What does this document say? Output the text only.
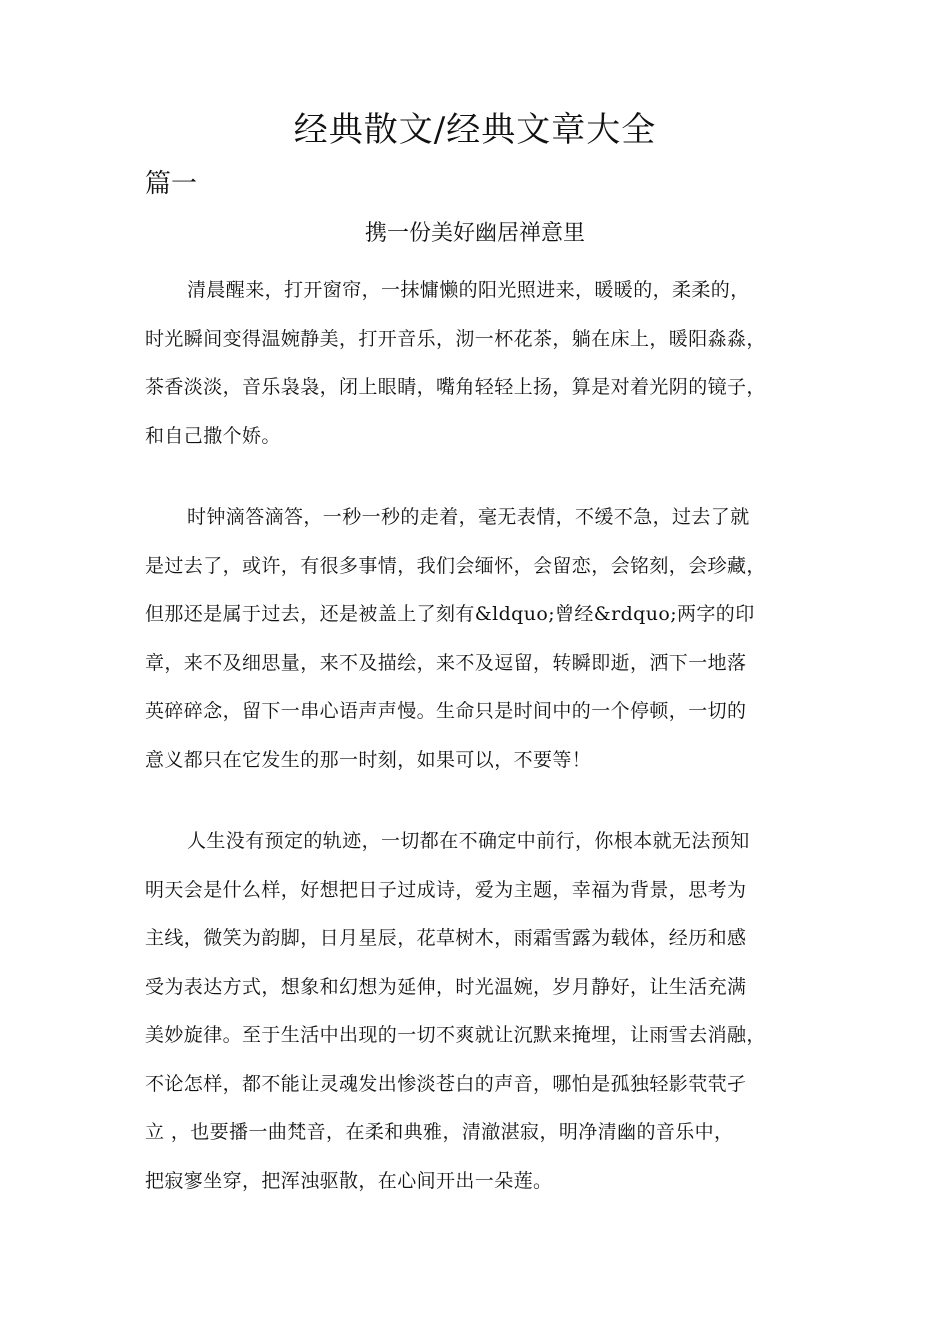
经典散文/经典文章大全
篇一
携一份美好幽居禅意里
清晨醒来，打开窗帘，一抹慵懒的阳光照进来，暖暖的，柔柔的，
时光瞬间变得温婉静美，打开音乐，沏一杯花茶，躺在床上，暖阳淼淼，
茶香淡淡，音乐袅袅，闭上眼睛，嘴角轻轻上扬，算是对着光阴的镜子，
和自己撒个娇。
时钟滴答滴答，一秒一秒的走着，毫无表情，不缓不急，过去了就
是过去了，或许，有很多事情，我们会缅怀，会留恋，会铭刻，会珍藏，
但那还是属于过去，还是被盖上了刻有&ldquo;曾经&rdquo;两字的印
章，来不及细思量，来不及描绘，来不及逗留，转瞬即逝，洒下一地落
英碎碎念，留下一串心语声声慢。生命只是时间中的一个停顿，一切的
意义都只在它发生的那一时刻，如果可以，不要等！
人生没有预定的轨迹，一切都在不确定中前行，你根本就无法预知
明天会是什么样，好想把日子过成诗，爱为主题，幸福为背景，思考为
主线，微笑为韵脚，日月星辰，花草树木，雨霜雪露为载体，经历和感
受为表达方式，想象和幻想为延伸，时光温婉，岁月静好，让生活充满
美妙旋律。至于生活中出现的一切不爽就让沉默来掩埋，让雨雪去消融，
不论怎样，都不能让灵魂发出惨淡苍白的声音，哪怕是孤独轻影茕茕孑
立 ，也要播一曲梵音，在柔和典雅，清澈湛寂，明净清幽的音乐中，
把寂寥坐穿，把浑浊驱散，在心间开出一朵莲。
